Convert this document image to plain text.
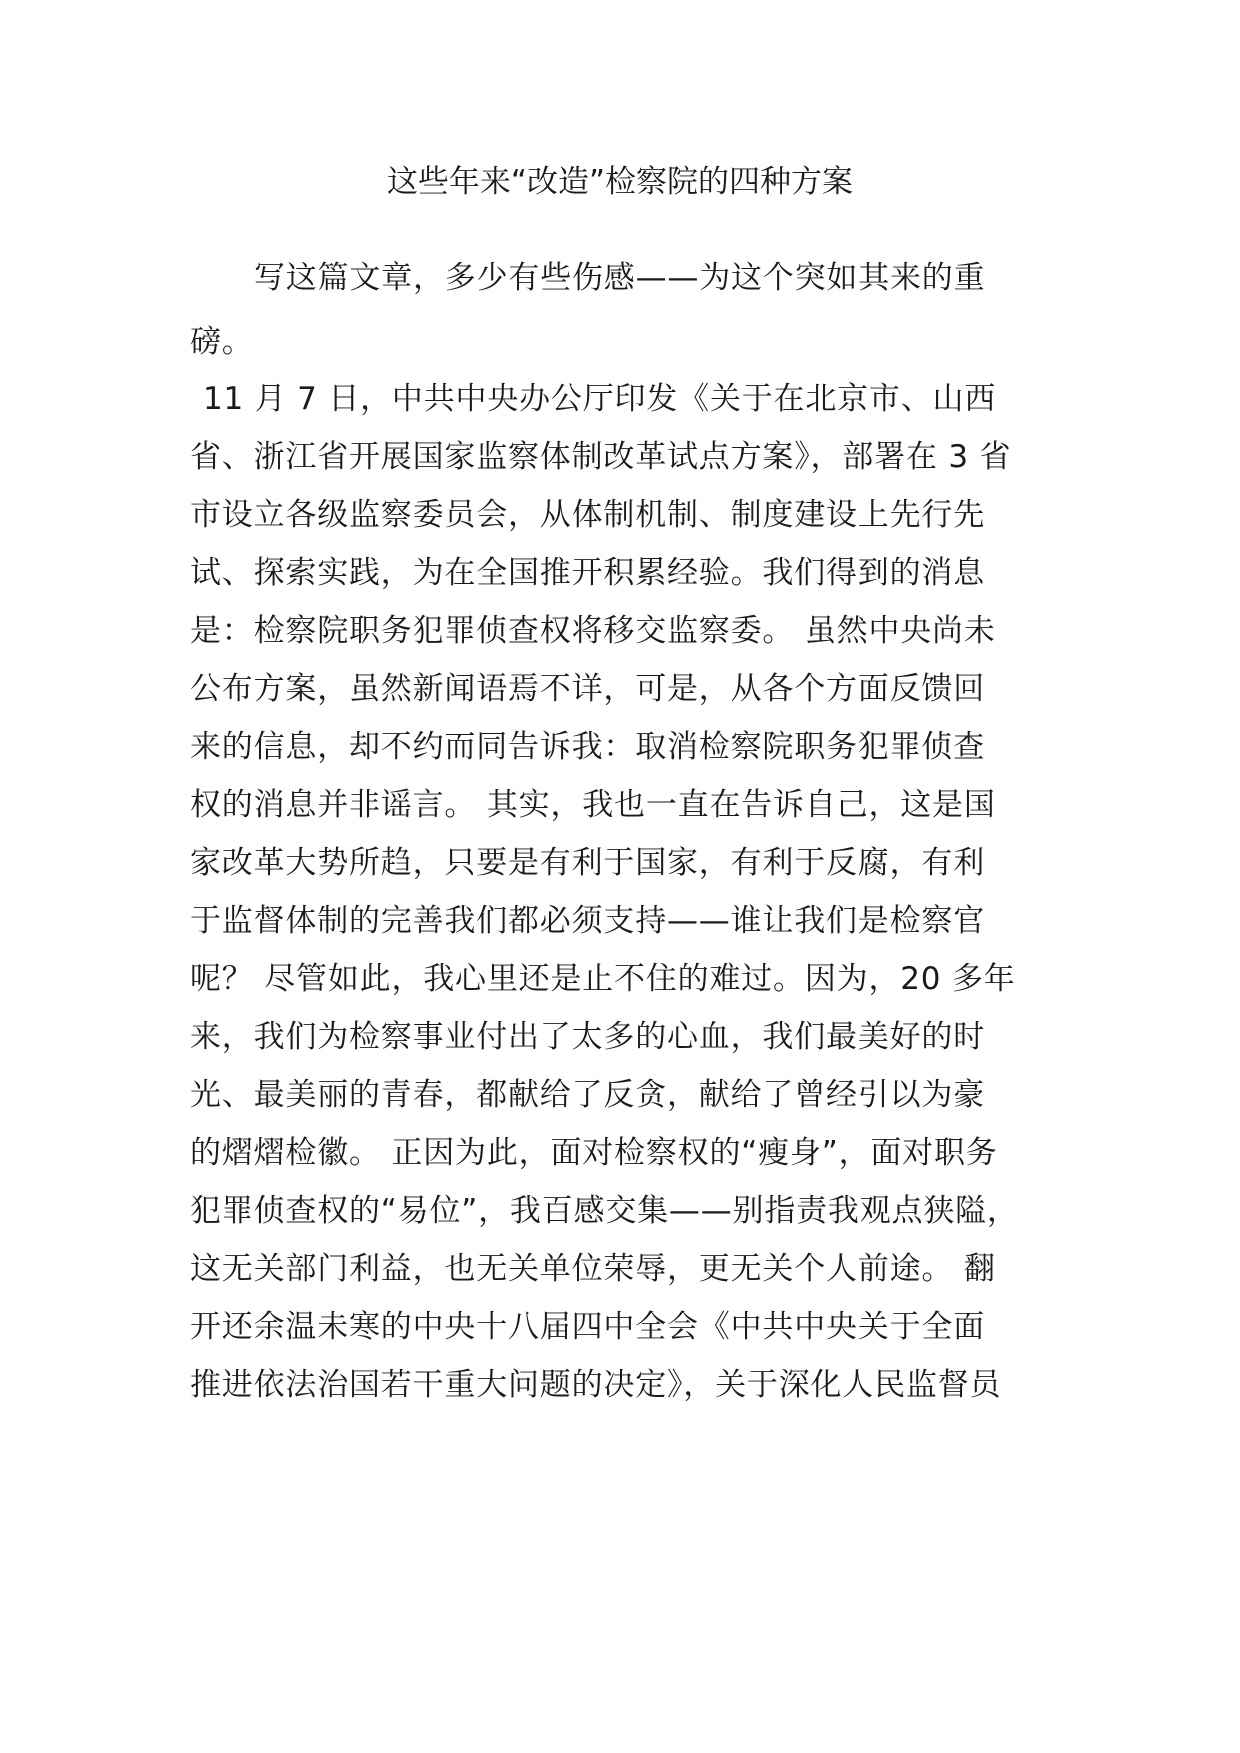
这些年来“改造”检察院的四种方案
写这篇文章，多少有些伤感——为这个突如其来的重
磅。
11 月 7 日，中共中央办公厅印发《关于在北京市、山西
省、浙江省开展国家监察体制改革试点方案》，部署在 3 省
市设立各级监察委员会，从体制机制、制度建设上先行先
试、探索实践，为在全国推开积累经验。我们得到的消息
是：检察院职务犯罪侦查权将移交监察委。 虽然中央尚未
公布方案，虽然新闻语焉不详，可是，从各个方面反馈回
来的信息，却不约而同告诉我：取消检察院职务犯罪侦查
权的消息并非谣言。 其实，我也一直在告诉自己，这是国
家改革大势所趋，只要是有利于国家，有利于反腐，有利
于监督体制的完善我们都必须支持——谁让我们是检察官
呢？ 尽管如此，我心里还是止不住的难过。因为，20 多年
来，我们为检察事业付出了太多的心血，我们最美好的时
光、最美丽的青春，都献给了反贪，献给了曾经引以为豪
的熠熠检徽。 正因为此，面对检察权的“瘦身”，面对职务
犯罪侦查权的“易位”，我百感交集——别指责我观点狭隘，
这无关部门利益，也无关单位荣辱，更无关个人前途。 翻
开还余温未寒的中央十八届四中全会《中共中央关于全面
推进依法治国若干重大问题的决定》，关于深化人民监督员
